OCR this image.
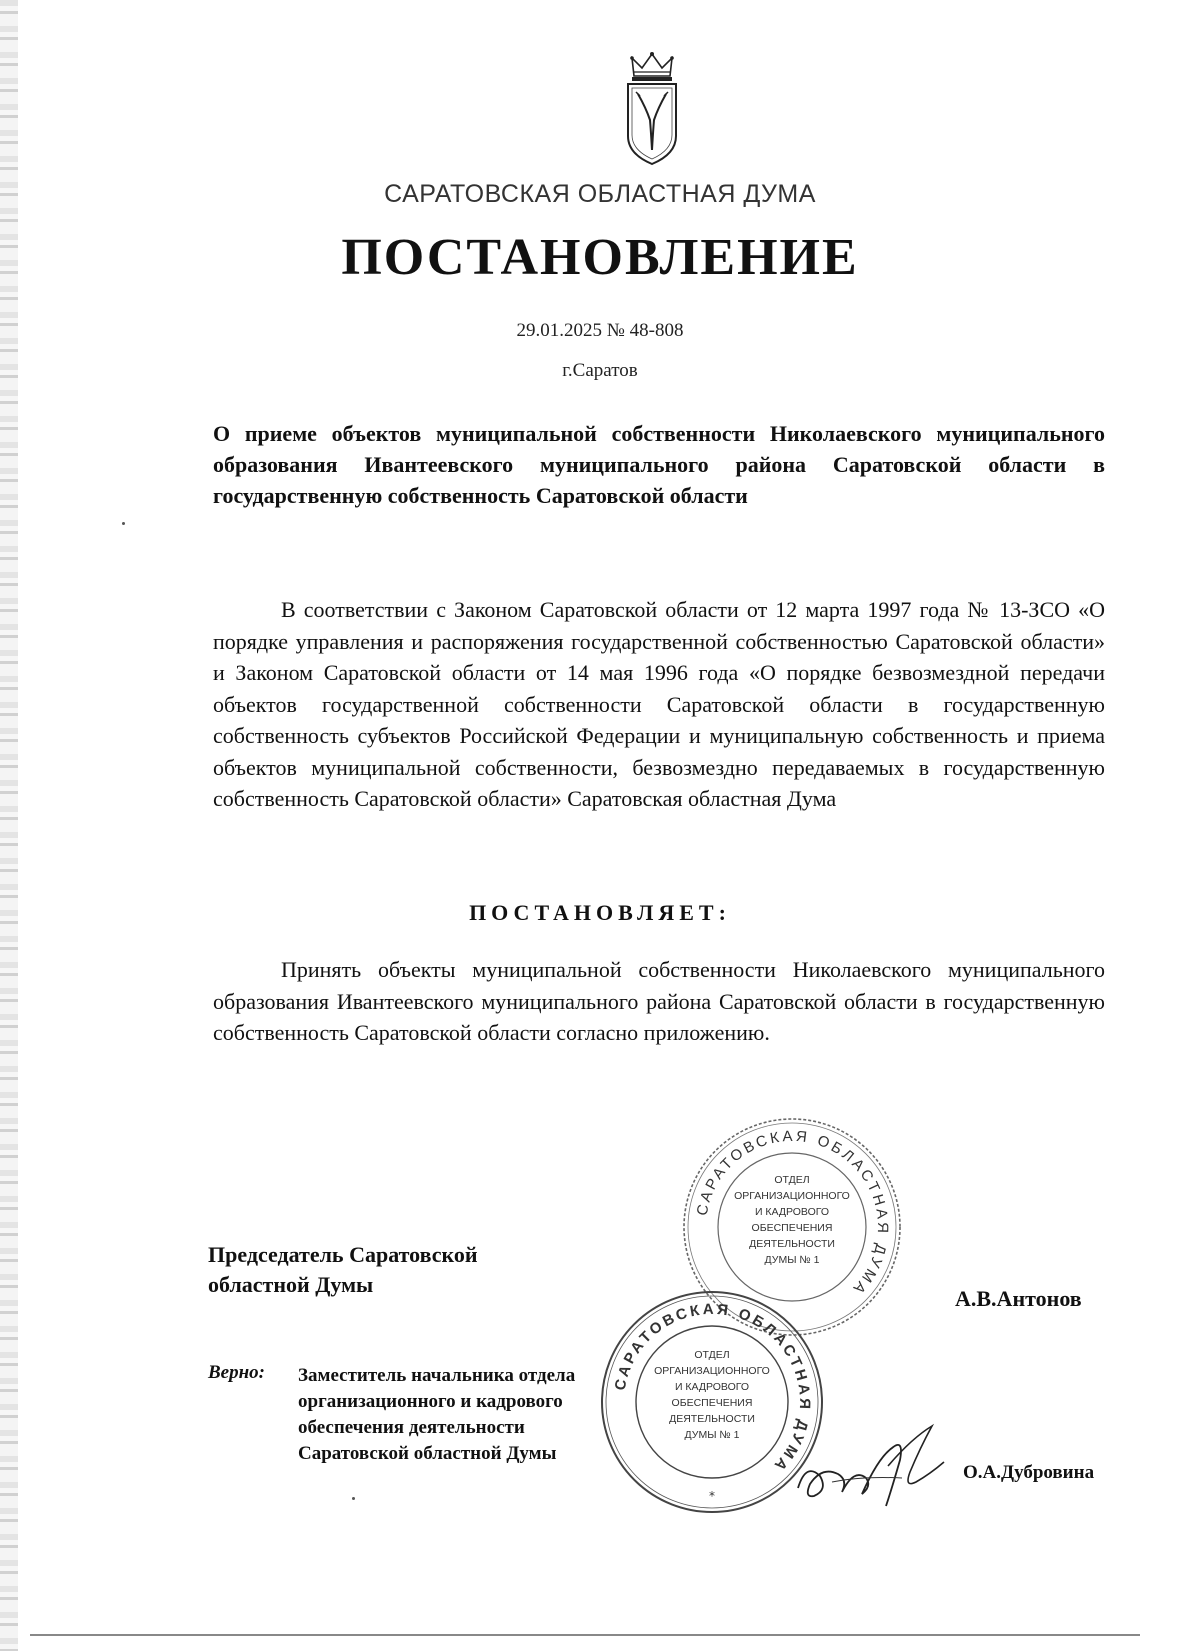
САРАТОВСКАЯ ОБЛАСТНАЯ ДУМА
ПОСТАНОВЛЕНИЕ
29.01.2025 № 48-808
г.Саратов
О приеме объектов муниципальной собственности Николаевского муниципального образования Ивантеевского муниципального района Саратовской области в государственную собственность Саратовской области
В соответствии с Законом Саратовской области от 12 марта 1997 года № 13-ЗСО «О порядке управления и распоряжения государственной собственностью Саратовской области» и Законом Саратовской области от 14 мая 1996 года «О порядке безвозмездной передачи объектов государственной собственности Саратовской области в государственную собственность субъектов Российской Федерации и муниципальную собственность и приема объектов муниципальной собственности, безвозмездно передаваемых в государственную собственность Саратовской области» Саратовская областная Дума
ПОСТАНОВЛЯЕТ:
Принять объекты муниципальной собственности Николаевского муниципального образования Ивантеевского муниципального района Саратовской области в государственную собственность Саратовской области согласно приложению.
Председатель Саратовской областной Думы
А.В.Антонов
Верно: Заместитель начальника отдела
организационного и кадрового
обеспечения деятельности
Саратовской областной Думы
О.А.Дубровина
САРАТОВСКАЯ ОБЛАСТНАЯ ДУМА
ОТДЕЛ
ОРГАНИЗАЦИОННОГО
И КАДРОВОГО
ОБЕСПЕЧЕНИЯ
ДЕЯТЕЛЬНОСТИ
ДУМЫ № 1
САРАТОВСКАЯ ОБЛАСТНАЯ ДУМА
ОТДЕЛ
ОРГАНИЗАЦИОННОГО
И КАДРОВОГО
ОБЕСПЕЧЕНИЯ
ДЕЯТЕЛЬНОСТИ
ДУМЫ № 1
*
